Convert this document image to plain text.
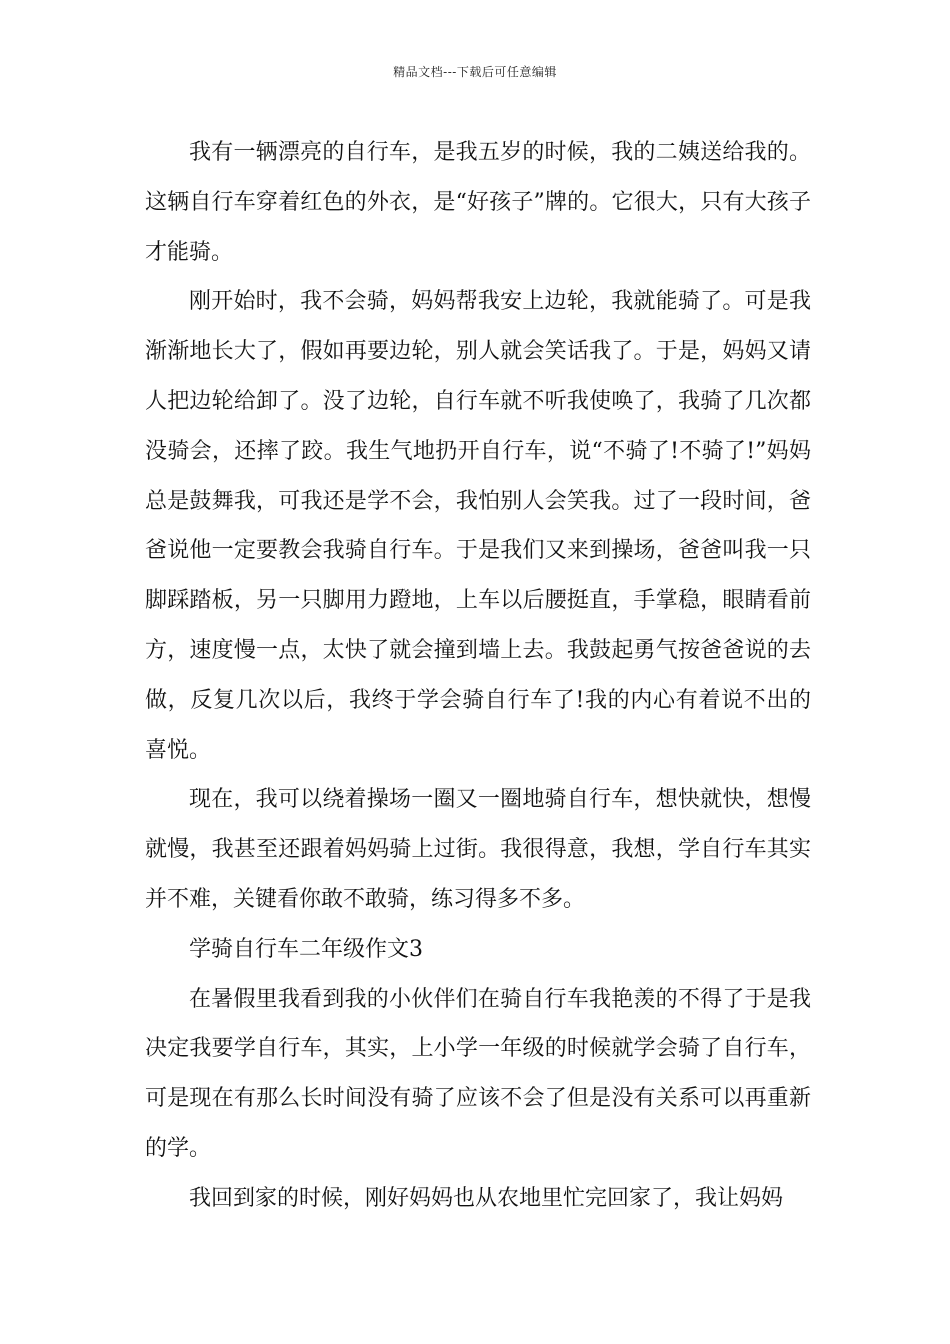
精品文档---下载后可任意编辑

我有一辆漂亮的自行车，是我五岁的时候，我的二姨送给我的。这辆自行车穿着红色的外衣，是“好孩子”牌的。它很大，只有大孩子才能骑。

刚开始时，我不会骑，妈妈帮我安上边轮，我就能骑了。可是我渐渐地长大了，假如再要边轮，别人就会笑话我了。于是，妈妈又请人把边轮给卸了。没了边轮，自行车就不听我使唤了，我骑了几次都没骑会，还摔了跤。我生气地扔开自行车，说“不骑了!不骑了!”妈妈总是鼓舞我，可我还是学不会，我怕别人会笑我。过了一段时间，爸爸说他一定要教会我骑自行车。于是我们又来到操场，爸爸叫我一只脚踩踏板，另一只脚用力蹬地，上车以后腰挺直，手掌稳，眼睛看前方，速度慢一点，太快了就会撞到墙上去。我鼓起勇气按爸爸说的去做，反复几次以后，我终于学会骑自行车了!我的内心有着说不出的喜悦。

现在，我可以绕着操场一圈又一圈地骑自行车，想快就快，想慢就慢，我甚至还跟着妈妈骑上过街。我很得意，我想，学自行车其实并不难，关键看你敢不敢骑，练习得多不多。

学骑自行车二年级作文3

在暑假里我看到我的小伙伴们在骑自行车我艳羡的不得了于是我决定我要学自行车，其实，上小学一年级的时候就学会骑了自行车，可是现在有那么长时间没有骑了应该不会了但是没有关系可以再重新的学。

我回到家的时候，刚好妈妈也从农地里忙完回家了，我让妈妈
